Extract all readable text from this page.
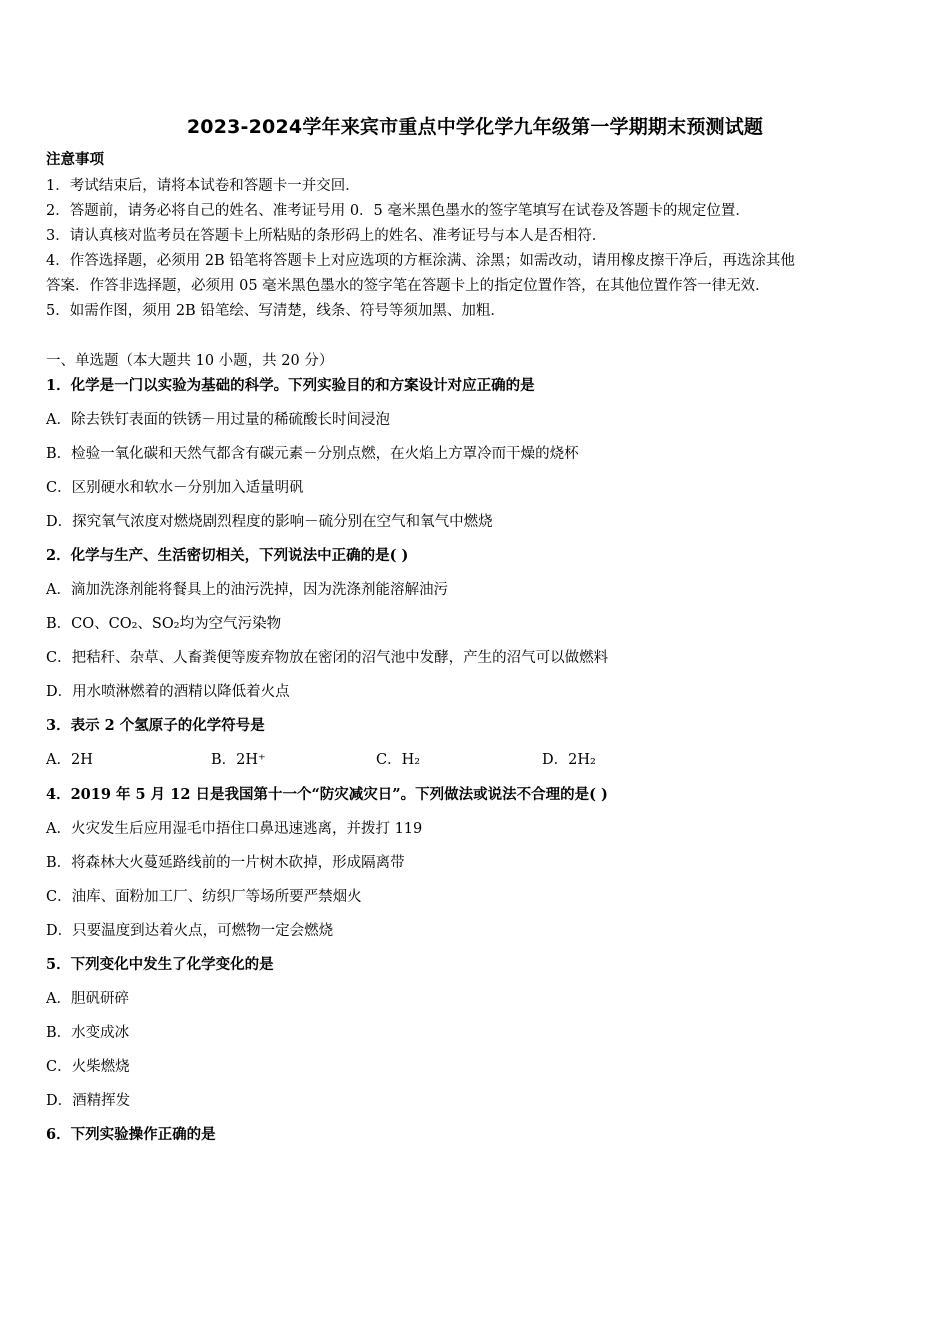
2023-2024学年来宾市重点中学化学九年级第一学期期末预测试题
注意事项
1．考试结束后，请将本试卷和答题卡一并交回．
2．答题前，请务必将自己的姓名、准考证号用 0．5 毫米黑色墨水的签字笔填写在试卷及答题卡的规定位置．
3．请认真核对监考员在答题卡上所粘贴的条形码上的姓名、准考证号与本人是否相符．
4．作答选择题，必须用 2B 铅笔将答题卡上对应选项的方框涂满、涂黑；如需改动，请用橡皮擦干净后，再选涂其他
答案．作答非选择题，必须用 05 毫米黑色墨水的签字笔在答题卡上的指定位置作答，在其他位置作答一律无效．
5．如需作图，须用 2B 铅笔绘、写清楚，线条、符号等须加黑、加粗．
一、单选题（本大题共 10 小题，共 20 分）
1．化学是一门以实验为基础的科学。下列实验目的和方案设计对应正确的是
A．除去铁钉表面的铁锈－用过量的稀硫酸长时间浸泡
B．检验一氧化碳和天然气都含有碳元素－分别点燃，在火焰上方罩冷而干燥的烧杯
C．区别硬水和软水－分别加入适量明矾
D．探究氧气浓度对燃烧剧烈程度的影响－硫分别在空气和氧气中燃烧
2．化学与生产、生活密切相关，下列说法中正确的是( )
A．滴加洗涤剂能将餐具上的油污洗掉，因为洗涤剂能溶解油污
B．CO、CO₂、SO₂均为空气污染物
C．把秸秆、杂草、人畜粪便等废弃物放在密闭的沼气池中发酵，产生的沼气可以做燃料
D．用水喷淋燃着的酒精以降低着火点
3．表示 2 个氢原子的化学符号是
A．2H	B．2H⁺	C．H₂	D．2H₂
4．2019 年 5 月 12 日是我国第十一个“防灾减灾日”。下列做法或说法不合理的是( )
A．火灾发生后应用湿毛巾捂住口鼻迅速逃离，并拨打 119
B．将森林大火蔓延路线前的一片树木砍掉，形成隔离带
C．油库、面粉加工厂、纺织厂等场所要严禁烟火
D．只要温度到达着火点，可燃物一定会燃烧
5．下列变化中发生了化学变化的是
A．胆矾研碎
B．水变成冰
C．火柴燃烧
D．酒精挥发
6．下列实验操作正确的是
